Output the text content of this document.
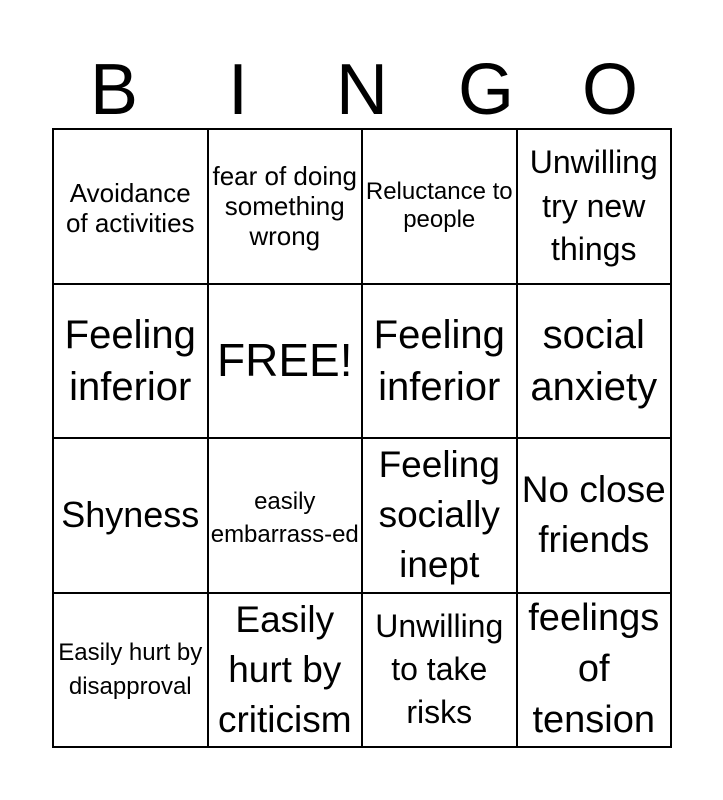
B	I	N G O
Avoidance of activities
fear of doing something wrong
Reluctance to people
Unwilling try new things
Feeling inferior
FREE! Feeling inferior
social anxiety
Shyness	easily embarrass-ed
Feeling socially inept
No close friends
Easily hurt by disapproval
Easily hurt by criticism
Unwilling to take risks
feelings of tension
